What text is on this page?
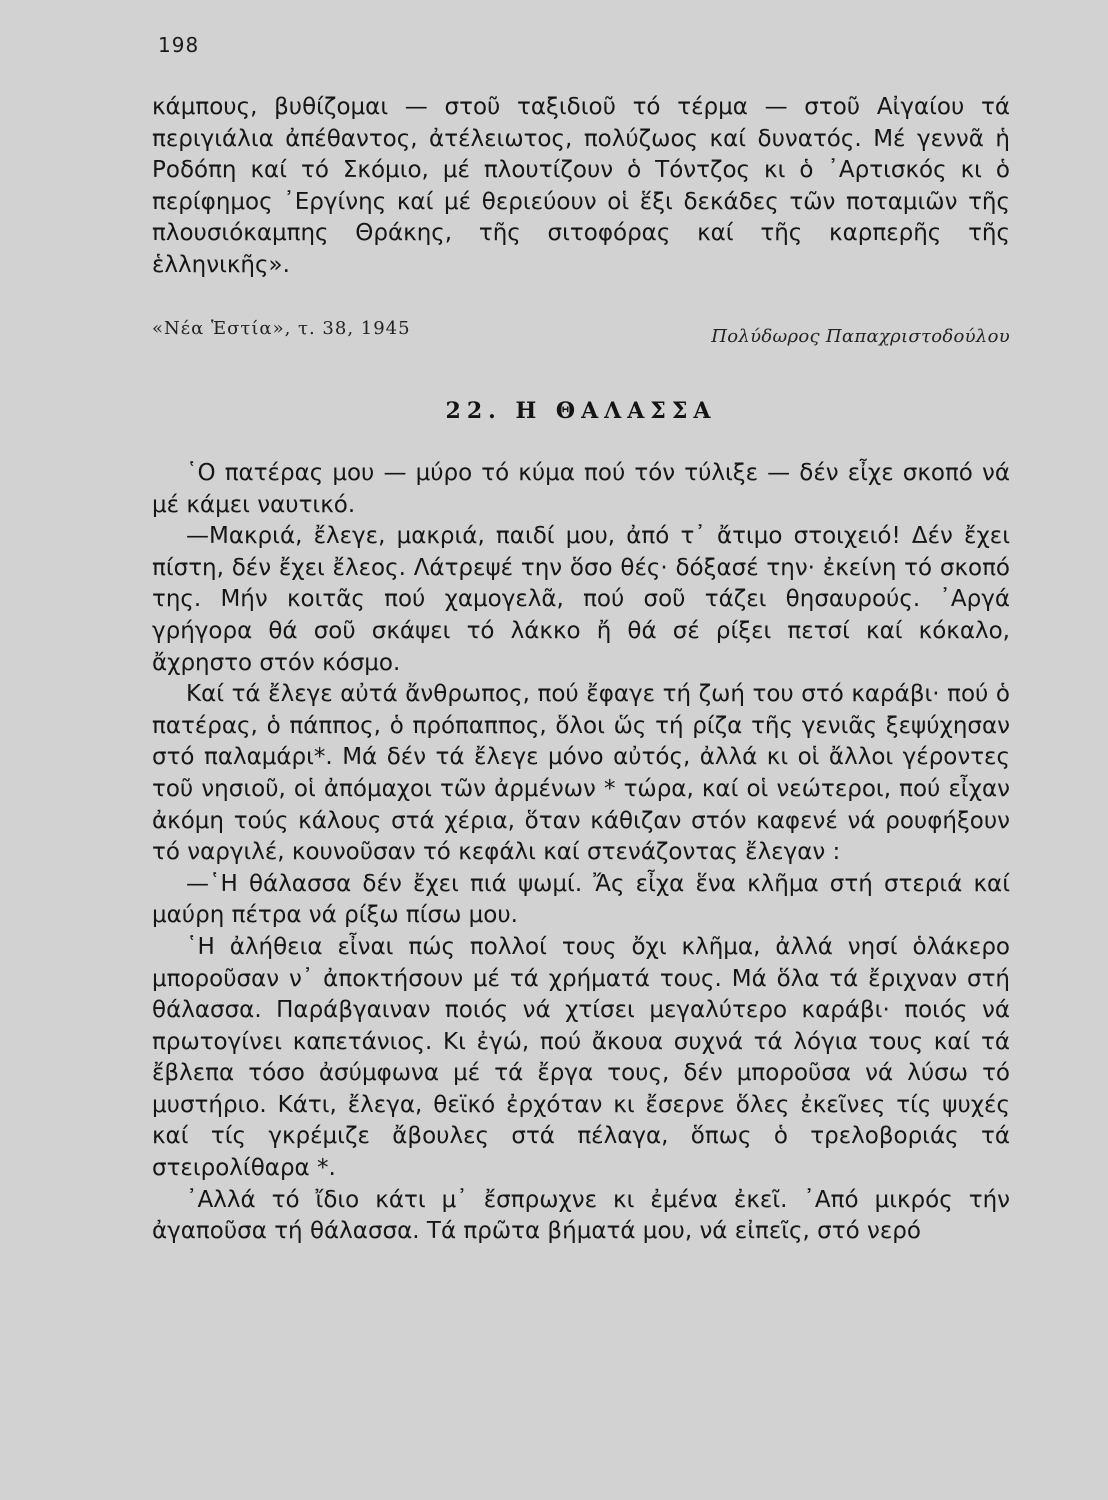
198

κάμπους, βυθίζομαι — στοῦ ταξιδιοῦ τό τέρμα — στοῦ Αἰγαίου τά περιγιάλια ἀπέθαντος, ἀτέλειωτος, πολύζωος καί δυνατός. Μέ γεννᾶ ἡ Ροδόπη καί τό Σκόμιο, μέ πλουτίζουν ὁ Τόντζος κι ὁ ᾿Αρτισκός κι ὁ περίφημος ᾿Εργίνης καί μέ θεριεύουν οἱ ἕξι δεκάδες τῶν ποταμιῶν τῆς πλουσιόκαμπης Θράκης, τῆς σιτοφόρας καί τῆς καρπερῆς τῆς ἑλληνικῆς».

«Νέα Ἑστία», τ. 38, 1945	Πολύδωρος Παπαχριστοδούλου
22. Η ΘΑΛΑΣΣΑ

῾Ο πατέρας μου — μύρο τό κύμα πού τόν τύλιξε — δέν εἶχε σκοπό νά μέ κάμει ναυτικό.

—Μακριά, ἔλεγε, μακριά, παιδί μου, ἀπό τ᾿ ἄτιμο στοιχειό! Δέν ἔχει πίστη, δέν ἔχει ἔλεος. Λάτρεψέ την ὅσο θές· δόξασέ την· ἐκείνη τό σκοπό της. Μήν κοιτᾶς πού χαμογελᾶ, πού σοῦ τάζει θησαυρούς. ᾿Αργά γρήγορα θά σοῦ σκάψει τό λάκκο ἤ θά σέ ρίξει πετσί καί κόκαλο, ἄχρηστο στόν κόσμο.

Καί τά ἔλεγε αὐτά ἄνθρωπος, πού ἔφαγε τή ζωή του στό καράβι· πού ὁ πατέρας, ὁ πάππος, ὁ πρόπαππος, ὅλοι ὥς τή ρίζα τῆς γενιᾶς ξεψύχησαν στό παλαμάρι*. Μά δέν τά ἔλεγε μόνο αὐτός, ἀλλά κι οἱ ἄλλοι γέροντες τοῦ νησιοῦ, οἱ ἀπόμαχοι τῶν ἀρμένων * τώρα, καί οἱ νεώτεροι, πού εἶχαν ἀκόμη τούς κάλους στά χέρια, ὅταν κάθιζαν στόν καφενέ νά ρουφήξουν τό ναργιλέ, κουνοῦσαν τό κεφάλι καί στενάζοντας ἔλεγαν :

—῾Η θάλασσα δέν ἔχει πιά ψωμί. Ἄς εἶχα ἕνα κλῆμα στή στεριά καί μαύρη πέτρα νά ρίξω πίσω μου.

῾Η ἀλήθεια εἶναι πώς πολλοί τους ὄχι κλῆμα, ἀλλά νησί ὁλάκερο μποροῦσαν ν᾿ ἀποκτήσουν μέ τά χρήματά τους. Μά ὅλα τά ἔριχναν στή θάλασσα. Παράβγαιναν ποιός νά χτίσει μεγαλύτερο καράβι· ποιός νά πρωτογίνει καπετάνιος. Κι ἐγώ, πού ἄκουα συχνά τά λόγια τους καί τά ἔβλεπα τόσο ἀσύμφωνα μέ τά ἔργα τους, δέν μποροῦσα νά λύσω τό μυστήριο. Κάτι, ἔλεγα, θεϊκό ἐρχόταν κι ἔσερνε ὅλες ἐκεῖνες τίς ψυχές καί τίς γκρέμιζε ἄβουλες στά πέλαγα, ὅπως ὁ τρελοβοριάς τά στειρολίθαρα *.

᾿Αλλά τό ἴδιο κάτι μ᾿ ἔσπρωχνε κι ἐμένα ἐκεῖ. ᾿Από μικρός τήν ἀγαποῦσα τή θάλασσα. Τά πρῶτα βήματά μου, νά εἰπεῖς, στό νερό
